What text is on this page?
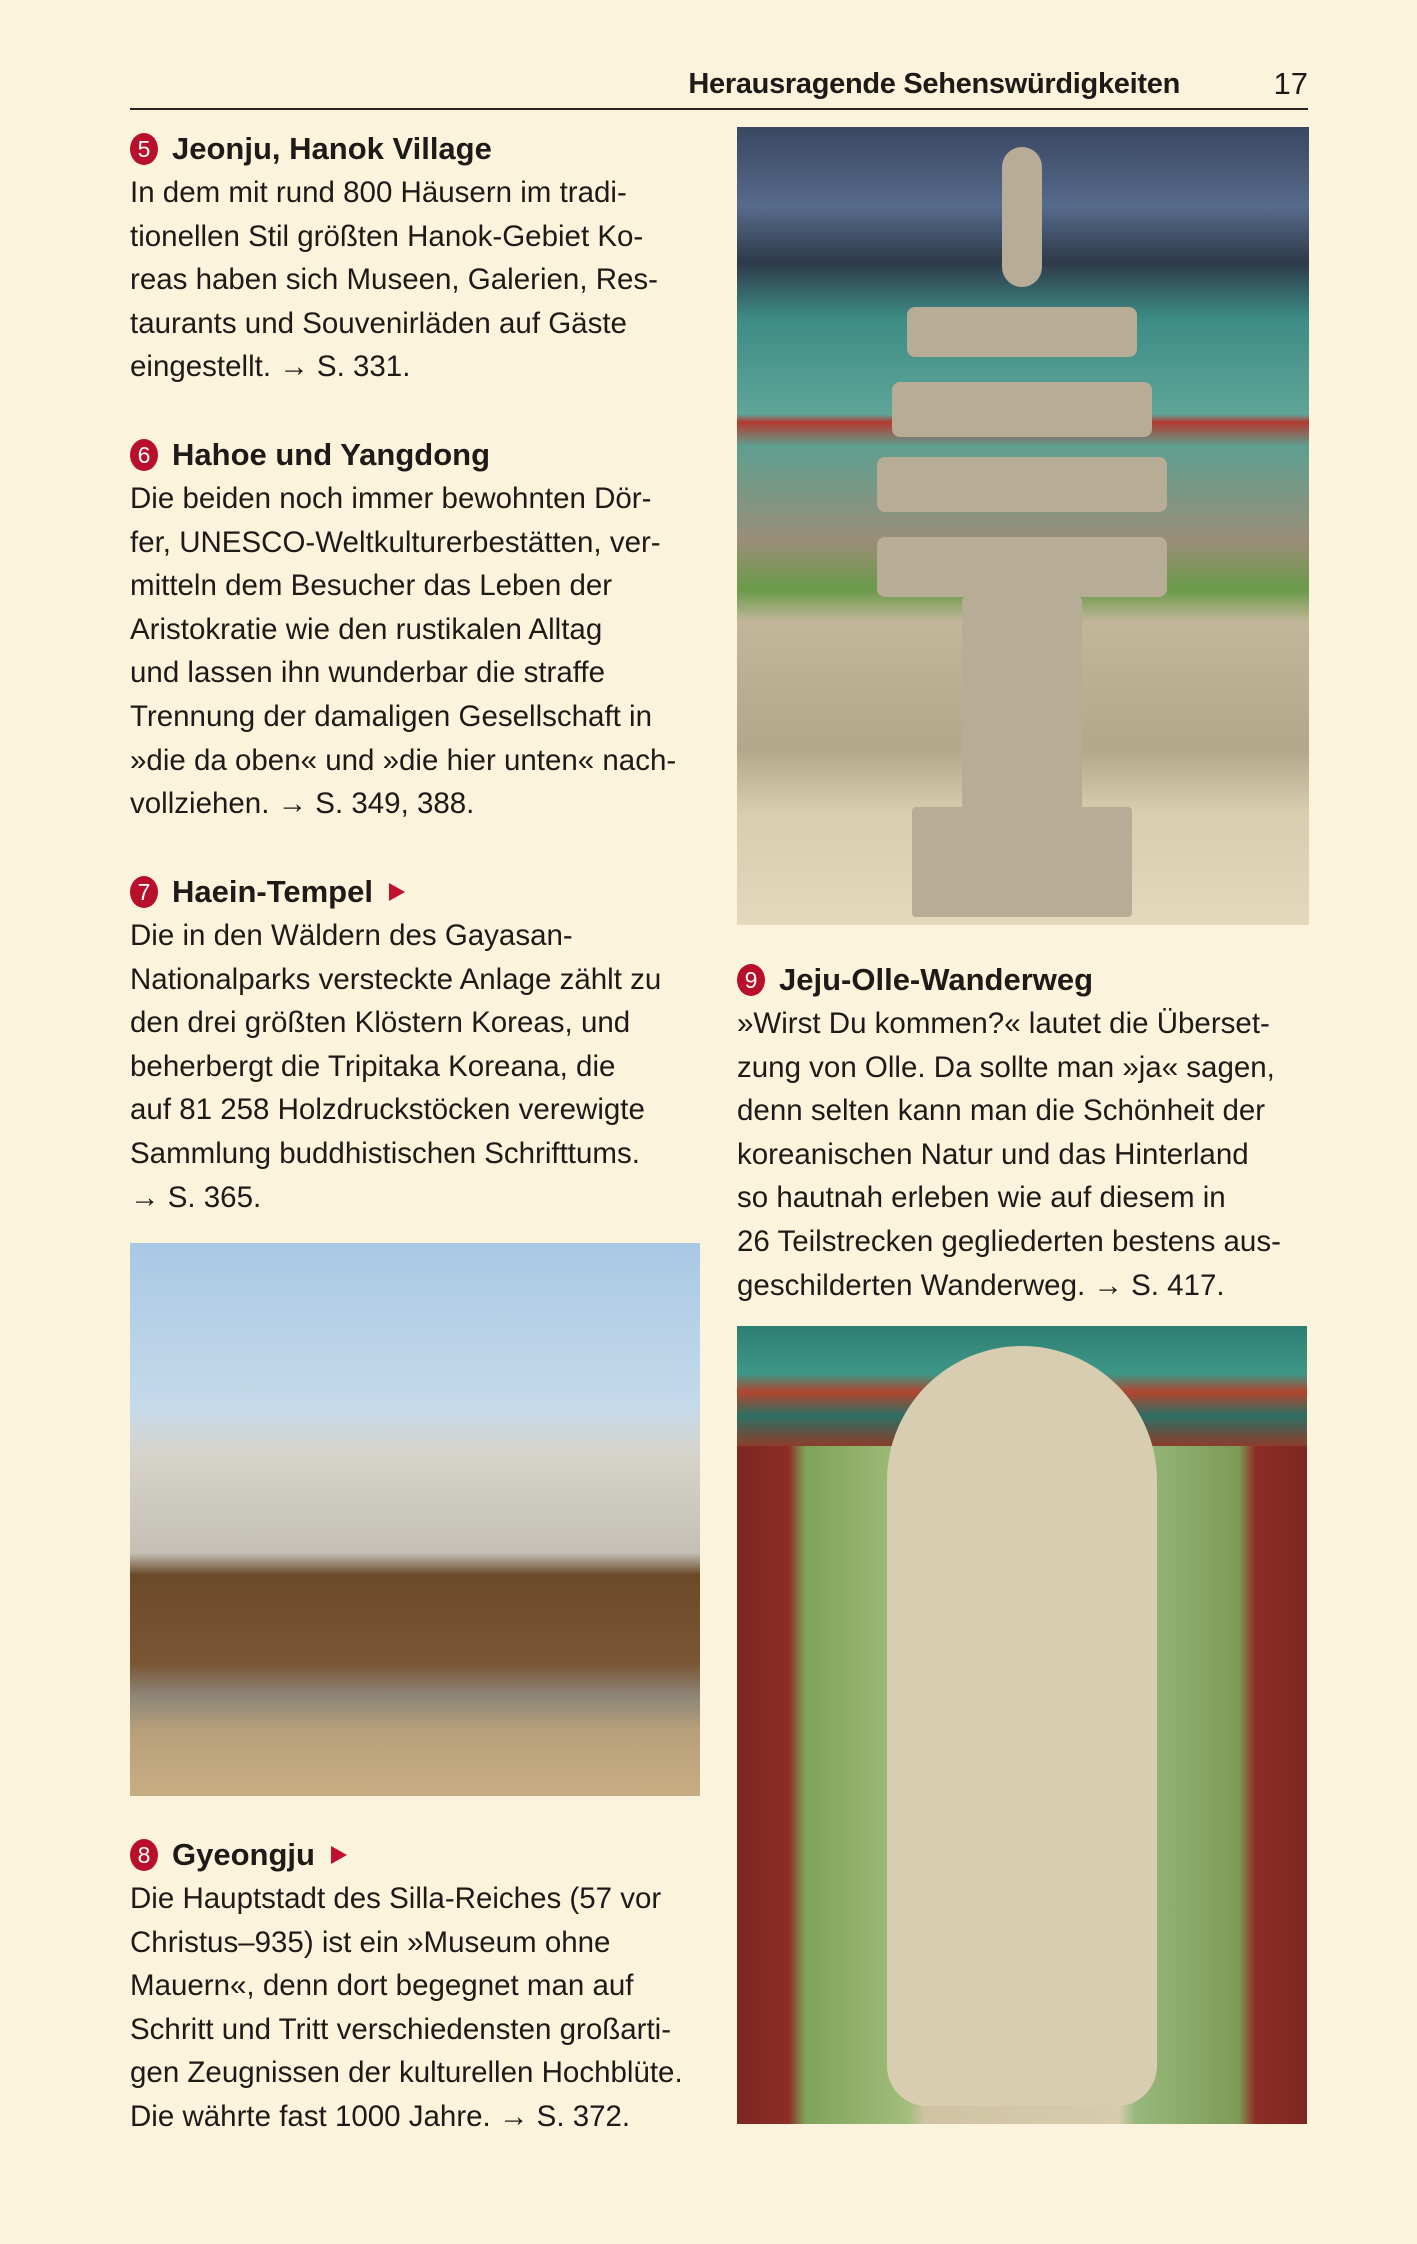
Herausragende Sehenswürdigkeiten	17
5 Jeonju, Hanok Village
In dem mit rund 800 Häusern im tradi-
tionellen Stil größten Hanok-Gebiet Ko-
reas haben sich Museen, Galerien, Res-
taurants und Souvenirläden auf Gäste
eingestellt. → S. 331.
6 Hahoe und Yangdong
Die beiden noch immer bewohnten Dör-
fer, UNESCO-Weltkulturerbestätten, ver-
mitteln dem Besucher das Leben der
Aristokratie wie den rustikalen Alltag
und lassen ihn wunderbar die straffe
Trennung der damaligen Gesellschaft in
»die da oben« und »die hier unten« nach-
vollziehen. → S. 349, 388.
7 Haein-Tempel
Die in den Wäldern des Gayasan-
Nationalparks versteckte Anlage zählt zu
den drei größten Klöstern Koreas, und
beherbergt die Tripitaka Koreana, die
auf 81 258 Holzdruckstöcken verewigte
Sammlung buddhistischen Schrifttums.
→ S. 365.
8 Gyeongju
Die Hauptstadt des Silla-Reiches (57 vor
Christus–935) ist ein »Museum ohne
Mauern«, denn dort begegnet man auf
Schritt und Tritt verschiedensten großarti-
gen Zeugnissen der kulturellen Hochblüte.
Die währte fast 1000 Jahre. → S. 372.
9 Jeju-Olle-Wanderweg
»Wirst Du kommen?« lautet die Überset-
zung von Olle. Da sollte man »ja« sagen,
denn selten kann man die Schönheit der
koreanischen Natur und das Hinterland
so hautnah erleben wie auf diesem in
26 Teilstrecken gegliederten bestens aus-
geschilderten Wanderweg. → S. 417.
